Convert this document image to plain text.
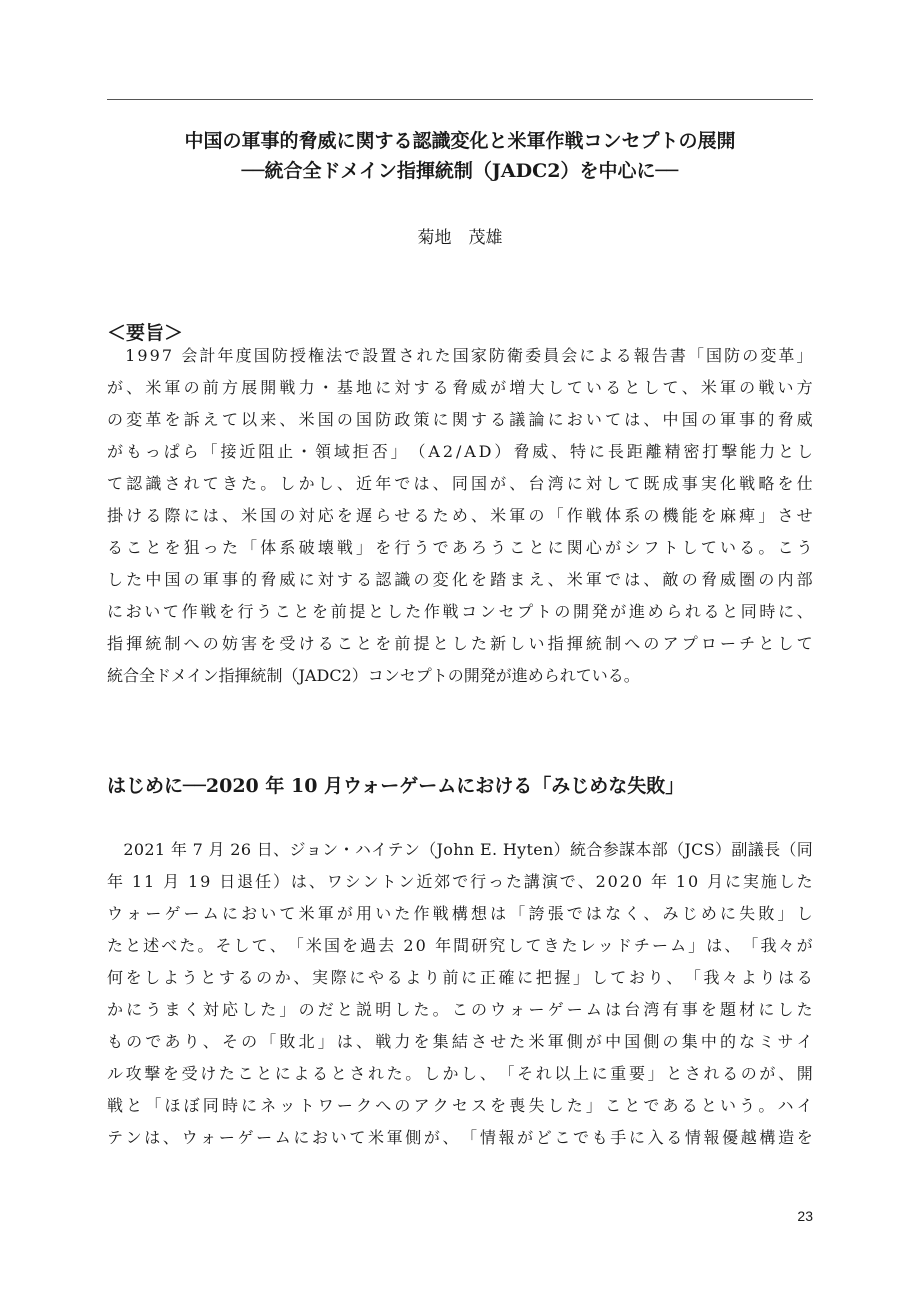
中国の軍事的脅威に関する認識変化と米軍作戦コンセプトの展開
──統合全ドメイン指揮統制（JADC2）を中心に──
菊地　茂雄
＜要旨＞

1 9 9 7
会 計 年 度 国 防 授 権 法 で 設 置 さ れ た 国 家 防 衛 委 員 会 に よ る 報 告 書 「 国 防 の 変 革 」
が 、 米 軍 の 前 方 展 開 戦 力 ・ 基 地 に 対 す る 脅 威 が 増 大 し て い る と し て 、 米 軍 の 戦 い 方
の 変 革 を 訴 え て 以 来 、 米 国 の 国 防 政 策 に 関 す る 議 論 に お い て は 、 中 国 の 軍 事 的 脅 威
が も っ ぱ ら 「 接 近 阻 止 ・ 領 域 拒 否 」 （ A 2 / A D ） 脅 威 、 特 に 長 距 離 精 密 打 撃 能 力 と し
て 認 識 さ れ て き た 。 し か し 、 近 年 で は 、 同 国 が 、 台 湾 に 対 し て 既 成 事 実 化 戦 略 を 仕
掛 け る 際 に は 、 米 国 の 対 応 を 遅 ら せ る た め 、 米 軍 の 「 作 戦 体 系 の 機 能 を 麻 痺 」 さ せ
る こ と を 狙 っ た 「 体 系 破 壊 戦 」 を 行 う で あ ろ う こ と に 関 心 が シ フ ト し て い る 。 こ う
し た 中 国 の 軍 事 的 脅 威 に 対 す る 認 識 の 変 化 を 踏 ま え 、 米 軍 で は 、 敵 の 脅 威 圏 の 内 部
に お い て 作 戦 を 行 う こ と を 前 提 と し た 作 戦 コ ン セ プ ト の 開 発 が 進 め ら れ る と 同 時 に 、
指 揮 統 制 へ の 妨 害 を 受 け る こ と を 前 提 と し た 新 し い 指 揮 統 制 へ の ア プ ロ ー チ と し て
統合全ドメイン指揮統制（JADC2）コンセプトの開発が進められている。
はじめに──2020 年 10 月ウォーゲームにおける「みじめな失敗」

2 0 2 1
年
7
月
2 6
日 、 ジ ョ ン ・ ハ イ テ ン （ J o h n
E .
H y t e n ） 統 合 参 謀 本 部 （ J C S ） 副 議 長 （ 同
年
1 1
月
1 9
日 退 任 ） は 、 ワ シ ン ト ン 近 郊 で 行 っ た 講 演 で 、 2 0 2 0
年
1 0
月 に 実 施 し た
ウ ォ ー ゲ ー ム に お い て 米 軍 が 用 い た 作 戦 構 想 は 「 誇 張 で は な く 、 み じ め に 失 敗 」 し
た と 述 べ た 。 そ し て 、 「 米 国 を 過 去
2 0
年 間 研 究 し て き た レ ッ ド チ ー ム 」 は 、 「 我 々 が
何 を し よ う と す る の か 、 実 際 に や る よ り 前 に 正 確 に 把 握 」 し て お り 、 「 我 々 よ り は る
か に う ま く 対 応 し た 」 の だ と 説 明 し た 。 こ の ウ ォ ー ゲ ー ム は 台 湾 有 事 を 題 材 に し た
も の で あ り 、 そ の 「 敗 北 」 は 、 戦 力 を 集 結 さ せ た 米 軍 側 が 中 国 側 の 集 中 的 な ミ サ イ
ル 攻 撃 を 受 け た こ と に よ る と さ れ た 。 し か し 、 「 そ れ 以 上 に 重 要 」 と さ れ る の が 、 開
戦 と 「 ほ ぼ 同 時 に ネ ッ ト ワ ー ク へ の ア ク セ ス を 喪 失 し た 」 こ と で あ る と い う 。 ハ イ
テ ン は 、 ウ ォ ー ゲ ー ム に お い て 米 軍 側 が 、 「 情 報 が ど こ で も 手 に 入 る 情 報 優 越 構 造 を
23
